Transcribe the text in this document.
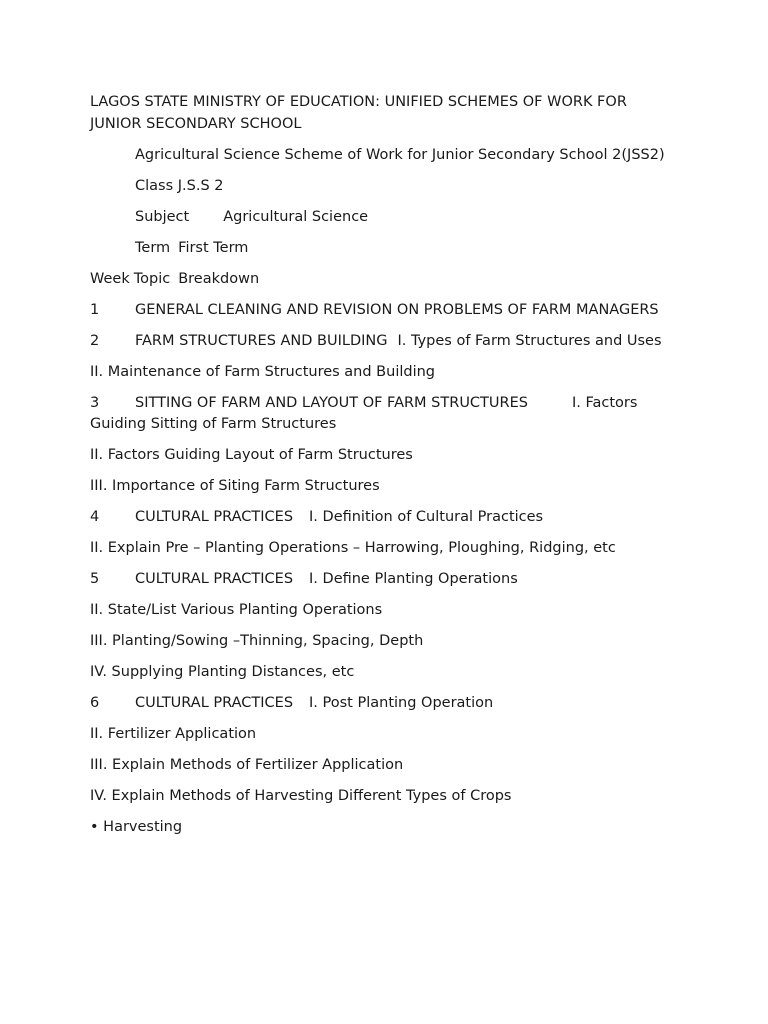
LAGOS STATE MINISTRY OF EDUCATION: UNIFIED SCHEMES OF WORK FOR JUNIOR SECONDARY SCHOOL

Agricultural Science Scheme of Work for Junior Secondary School 2(JSS2)

Class J.S.S 2

Subject Agricultural Science

Term First Term

Week Topic Breakdown

1 GENERAL CLEANING AND REVISION ON PROBLEMS OF FARM MANAGERS

2 FARM STRUCTURES AND BUILDING I. Types of Farm Structures and Uses

II. Maintenance of Farm Structures and Building

3 SITTING OF FARM AND LAYOUT OF FARM STRUCTURES	I. Factors Guiding Sitting of Farm Structures

II. Factors Guiding Layout of Farm Structures

III. Importance of Siting Farm Structures

4 CULTURAL PRACTICES I. Definition of Cultural Practices

II. Explain Pre – Planting Operations – Harrowing, Ploughing, Ridging, etc

5 CULTURAL PRACTICES I. Define Planting Operations

II. State/List Various Planting Operations

III. Planting/Sowing –Thinning, Spacing, Depth

IV. Supplying Planting Distances, etc

6 CULTURAL PRACTICES I. Post Planting Operation

II. Fertilizer Application

III. Explain Methods of Fertilizer Application

IV. Explain Methods of Harvesting Different Types of Crops

• Harvesting
